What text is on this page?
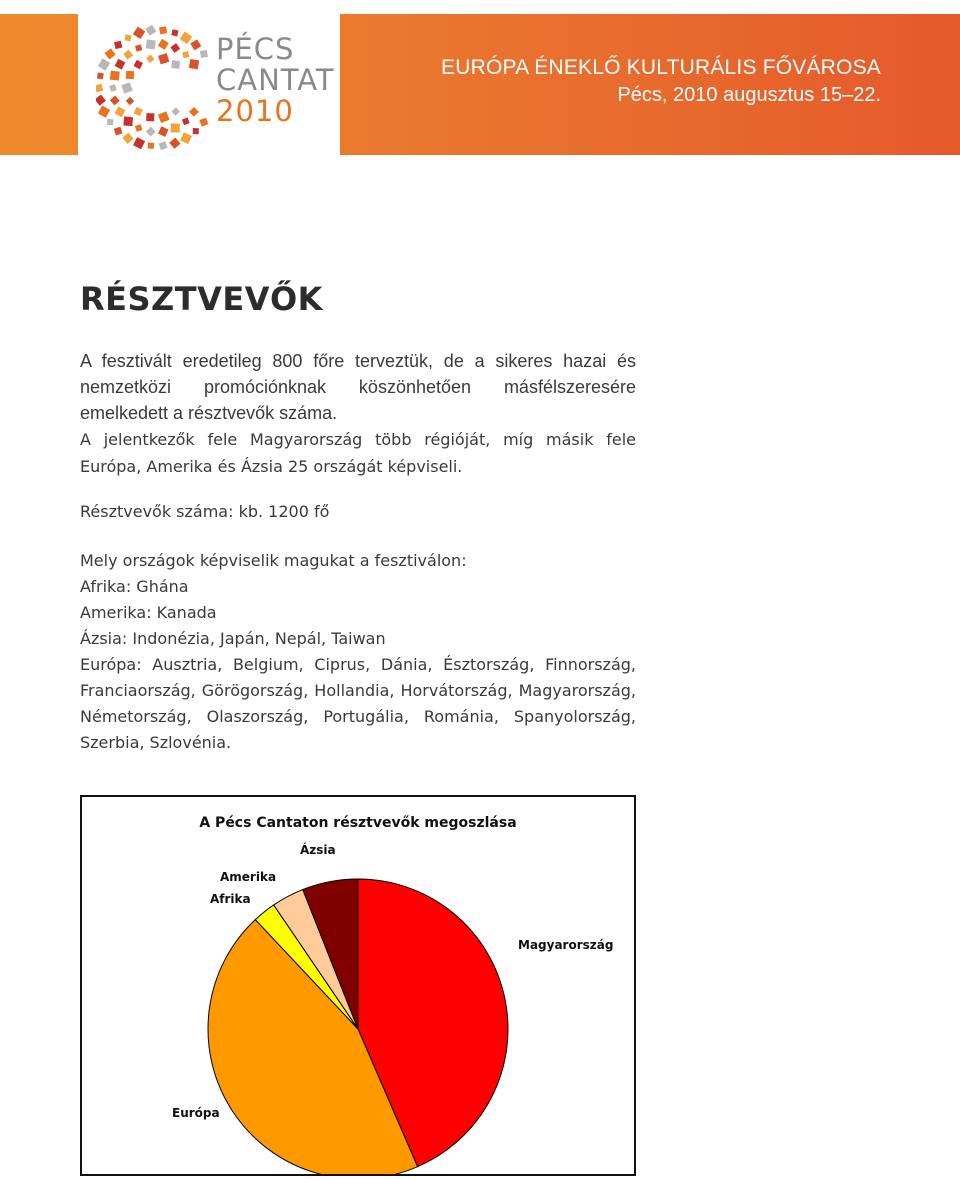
PÉCS
CANTAT
2010
EURÓPA ÉNEKLŐ KULTURÁLIS FŐVÁROSA
Pécs, 2010 augusztus 15–22.
RÉSZTVEVŐK
A fesztivált eredetileg 800 főre terveztük, de a sikeres hazai és nemzetközi promóciónknak köszönhetően másfélszeresére emelkedett a résztvevők száma.
A jelentkezők fele Magyarország több régióját, míg másik fele Európa, Amerika és Ázsia 25 országát képviseli.
Résztvevők száma: kb. 1200 fő
Mely országok képviselik magukat a fesztiválon:
Afrika: Ghána
Amerika: Kanada
Ázsia: Indonézia, Japán, Nepál, Taiwan
Európa: Ausztria, Belgium, Ciprus, Dánia, Észtország, Finnország, Franciaország, Görögország, Hollandia, Horvátország, Magyarország, Németország, Olaszország, Portugália, Románia, Spanyolország, Szerbia, Szlovénia.
A Pécs Cantaton résztvevők megoszlása
Magyarország
Európa
Afrika
Amerika
Ázsia
